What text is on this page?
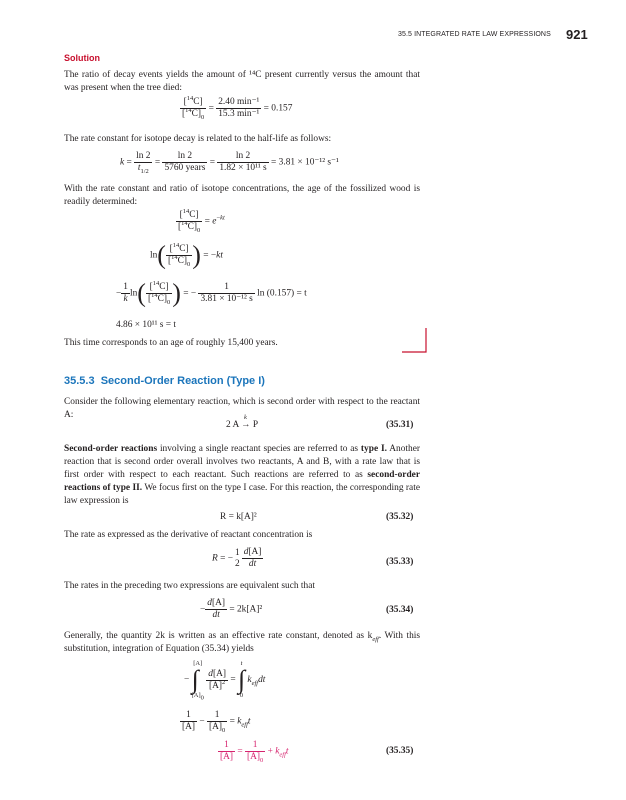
35.5 INTEGRATED RATE LAW EXPRESSIONS 921
Solution
The ratio of decay events yields the amount of ¹⁴C present currently versus the amount that was present when the tree died:
$\frac{[^{14}C]}{[^{14}C]_0} = \frac{\text{2.40 min⁻¹}}{\text{15.3 min⁻¹}} = 0.157$
The rate constant for isotope decay is related to the half-life as follows:
$k = \frac{\ln 2}{t_{1/2}} = \frac{\ln 2}{\text{5760 years}} = \frac{\ln 2}{\text{1.82 × 10¹¹ s}} = 3.81 \times 10^{-12}$ s⁻¹
With the rate constant and ratio of isotope concentrations, the age of the fossilized wood is readily determined:
$\frac{[^{14}C]}{[^{14}C]_0} = e^{-kt}$
$\ln( \frac{[^{14}C]}{[^{14}C]_0}$ ) = −kt
− $\frac{1}{k} \ln( \frac{[^{14}C]}{[^{14}C]_0}$ ) = − $\frac{1}{\text{3.81 × 10⁻¹² s}}$ ln (0.157) = t
4.86 × 10¹¹ s = t
This time corresponds to an age of roughly 15,400 years.
35.5.3 Second-Order Reaction (Type I)
Consider the following elementary reaction, which is second order with respect to the reactant A:	k
2 A → P	(35.31)
Second-order reactions involving a single reactant species are referred to as type I. Another reaction that is second order overall involves two reactants, A and B, with a rate law that is first order with respect to each reactant. Such reactions are referred to as second-order reactions of type II. We focus first on the type I case. For this reaction, the corresponding rate law expression is
R = k[A]²	(35.32)
The rate as expressed as the derivative of reactant concentration is
R = −
1
$2 \frac{d[A]}{dt}$	(35.33)
The rates in the preceding two expressions are equivalent such that
− $\frac{d[A]}{dt} = 2k[A]^2$	(35.34)
Generally, the quantity 2k is written as an effective rate constant, denoted as $k_{eff}$. With this substitution, integration of Equation (35.34) yields
−
[A]
∫
[A]0

$\frac{d[A]}{[A]^2}$ =
t
∫
0
$k_{eff}dt$
$\frac{1}{[A]} - \frac{1}{[A]_0} = k_{eff}t$
$\frac{1}{[A]} = \frac{1}{[A]_0} + k_{eff}t$	(35.35)
